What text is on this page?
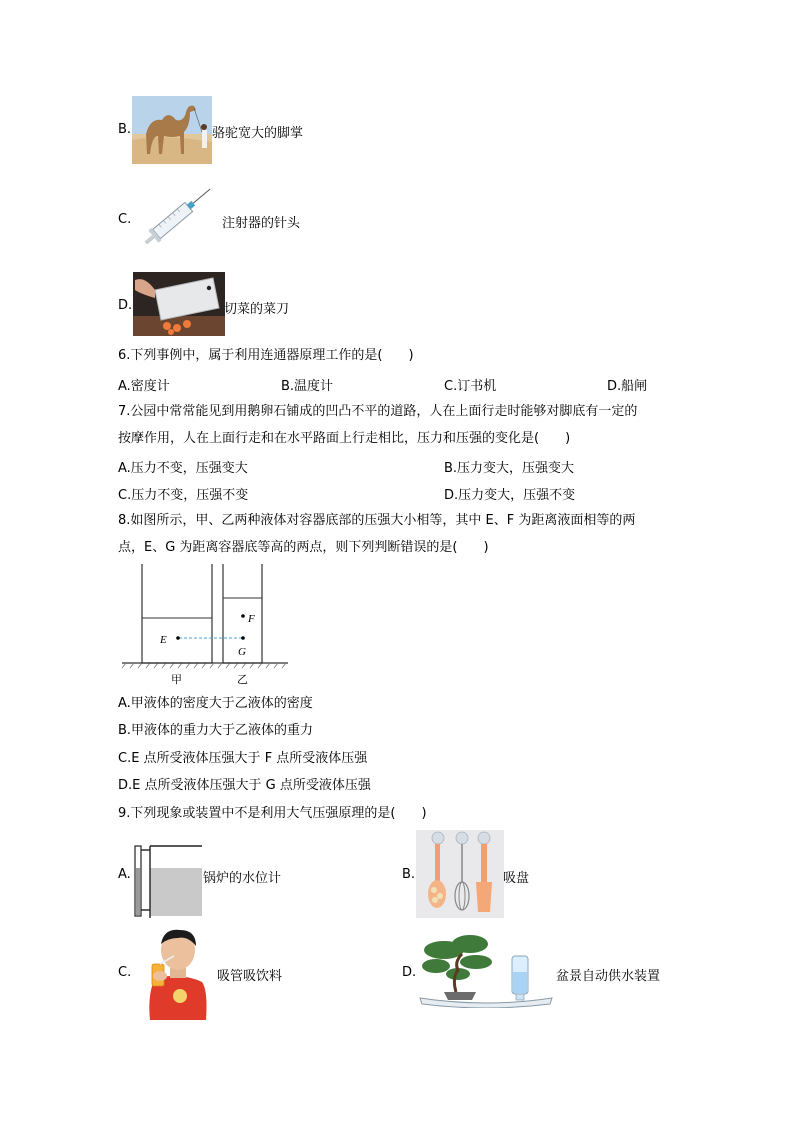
B.	骆驼宽大的脚掌
C.	注射器的针头
D.	切菜的菜刀
6.下列事例中，属于利用连通器原理工作的是(　　)
A.密度计	B.温度计	C.订书机	D.船闸
7.公园中常常能见到用鹅卵石铺成的凹凸不平的道路，人在上面行走时能够对脚底有一定的
按摩作用，人在上面行走和在水平路面上行走相比，压力和压强的变化是(　　)
A.压力不变，压强变大	B.压力变大，压强变大
C.压力不变，压强不变	D.压力变大，压强不变
8.如图所示，甲、乙两种液体对容器底部的压强大小相等，其中 E、F 为距离液面相等的两
点，E、G 为距离容器底等高的两点，则下列判断错误的是(　　)
E
F
G
甲	乙
A.甲液体的密度大于乙液体的密度
B.甲液体的重力大于乙液体的重力
C.E 点所受液体压强大于 F 点所受液体压强
D.E 点所受液体压强大于 G 点所受液体压强
9.下列现象或装置中不是利用大气压强原理的是(　　)
A.	锅炉的水位计	B.	吸盘
C.	吸管吸饮料	D.	盆景自动供水装置
